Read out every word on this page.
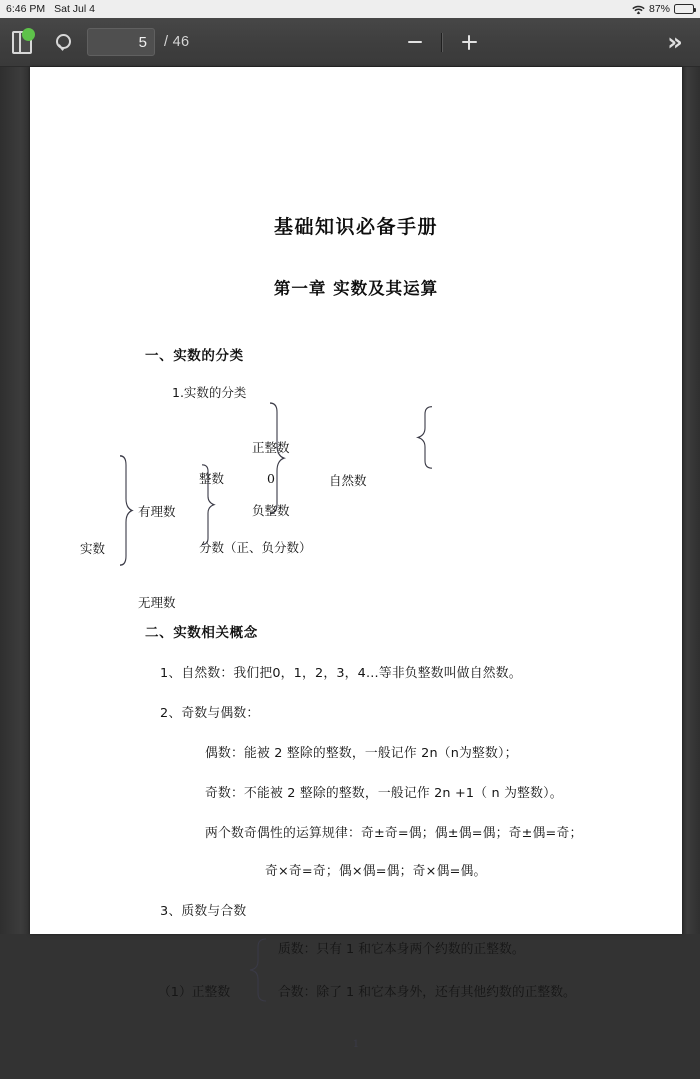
6:46 PM Sat Jul 4	87%
5
/ 46	»
基础知识必备手册
第一章 实数及其运算
一、实数的分类
1.实数的分类
实数
有理数
无理数
整数
分数（正、负分数）
正整数
0
负整数
自然数
二、实数相关概念
1、自然数：我们把0，1，2，3，4...等非负整数叫做自然数。
2、奇数与偶数：
偶数：能被 2 整除的整数，一般记作 2n（n为整数）；
奇数：不能被 2 整除的整数，一般记作 2n +1（ n 为整数）。
两个数奇偶性的运算规律：奇±奇=偶；偶±偶=偶；奇±偶=奇；
奇×奇=奇；偶×偶=偶；奇×偶=偶。
3、质数与合数
（1）正整数
质数：只有 1 和它本身两个约数的正整数。
合数：除了 1 和它本身外，还有其他约数的正整数。
1
